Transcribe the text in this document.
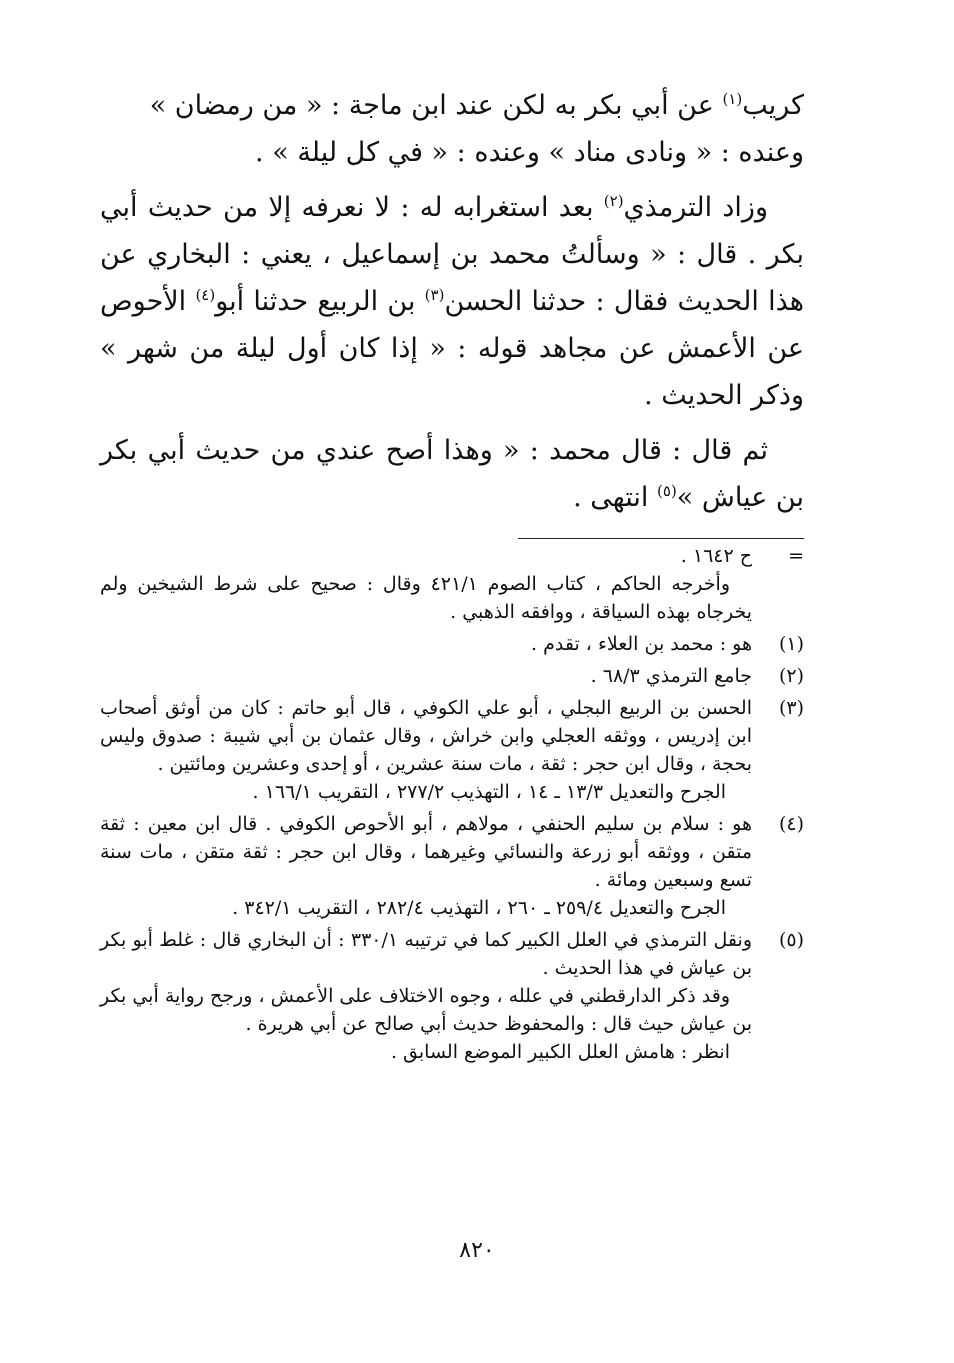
كريب$^{(١)}$ عن أبي بكر به لكن عند ابن ماجة : « من رمضان »
وعنده : « ونادى مناد » وعنده : « في كل ليلة » .

وزاد الترمذي$^{(٢)}$ بعد استغرابه له : لا نعرفه إلا من حديث أبي بكر . قال : « وسألتُ محمد بن إسماعيل ، يعني : البخاري عن هذا الحديث فقال : حدثنا الحسن$^{(٣)}$ بن الربيع حدثنا أبو$^{(٤)}$ الأحوص عن الأعمش عن مجاهد قوله : « إذا كان أول ليلة من شهر » وذكر الحديث .

ثم قال : قال محمد : « وهذا أصح عندي من حديث أبي بكر بن عياش »$^{(٥)}$ انتهى .

=
ح ١٦٤٢ .

وأخرجه الحاكم ، كتاب الصوم ٤٢١/١ وقال : صحيح على شرط الشيخين ولم يخرجاه بهذه السياقة ، ووافقه الذهبي .

(١)
هو : محمد بن العلاء ، تقدم .

(٢)
جامع الترمذي ٦٨/٣ .

(٣)
الحسن بن الربيع البجلي ، أبو علي الكوفي ، قال أبو حاتم : كان من أوثق أصحاب ابن إدريس ، ووثقه العجلي وابن خراش ، وقال عثمان بن أبي شيبة : صدوق وليس بحجة ، وقال ابن حجر : ثقة ، مات سنة عشرين ، أو إحدى وعشرين ومائتين .

الجرح والتعديل ١٣/٣ ـ ١٤ ، التهذيب ٢٧٧/٢ ، التقريب ١٦٦/١ .

(٤)
هو : سلام بن سليم الحنفي ، مولاهم ، أبو الأحوص الكوفي . قال ابن معين : ثقة متقن ، ووثقه أبو زرعة والنسائي وغيرهما ، وقال ابن حجر : ثقة متقن ، مات سنة تسع وسبعين ومائة .

الجرح والتعديل ٢٥٩/٤ ـ ٢٦٠ ، التهذيب ٢٨٢/٤ ، التقريب ٣٤٢/١ .

(٥)
ونقل الترمذي في العلل الكبير كما في ترتيبه ٣٣٠/١ : أن البخاري قال : غلط أبو بكر بن عياش في هذا الحديث .

وقد ذكر الدارقطني في علله ، وجوه الاختلاف على الأعمش ، ورجح رواية أبي بكر بن عياش حيث قال : والمحفوظ حديث أبي صالح عن أبي هريرة .

انظر : هامش العلل الكبير الموضع السابق .

٨٢٠
